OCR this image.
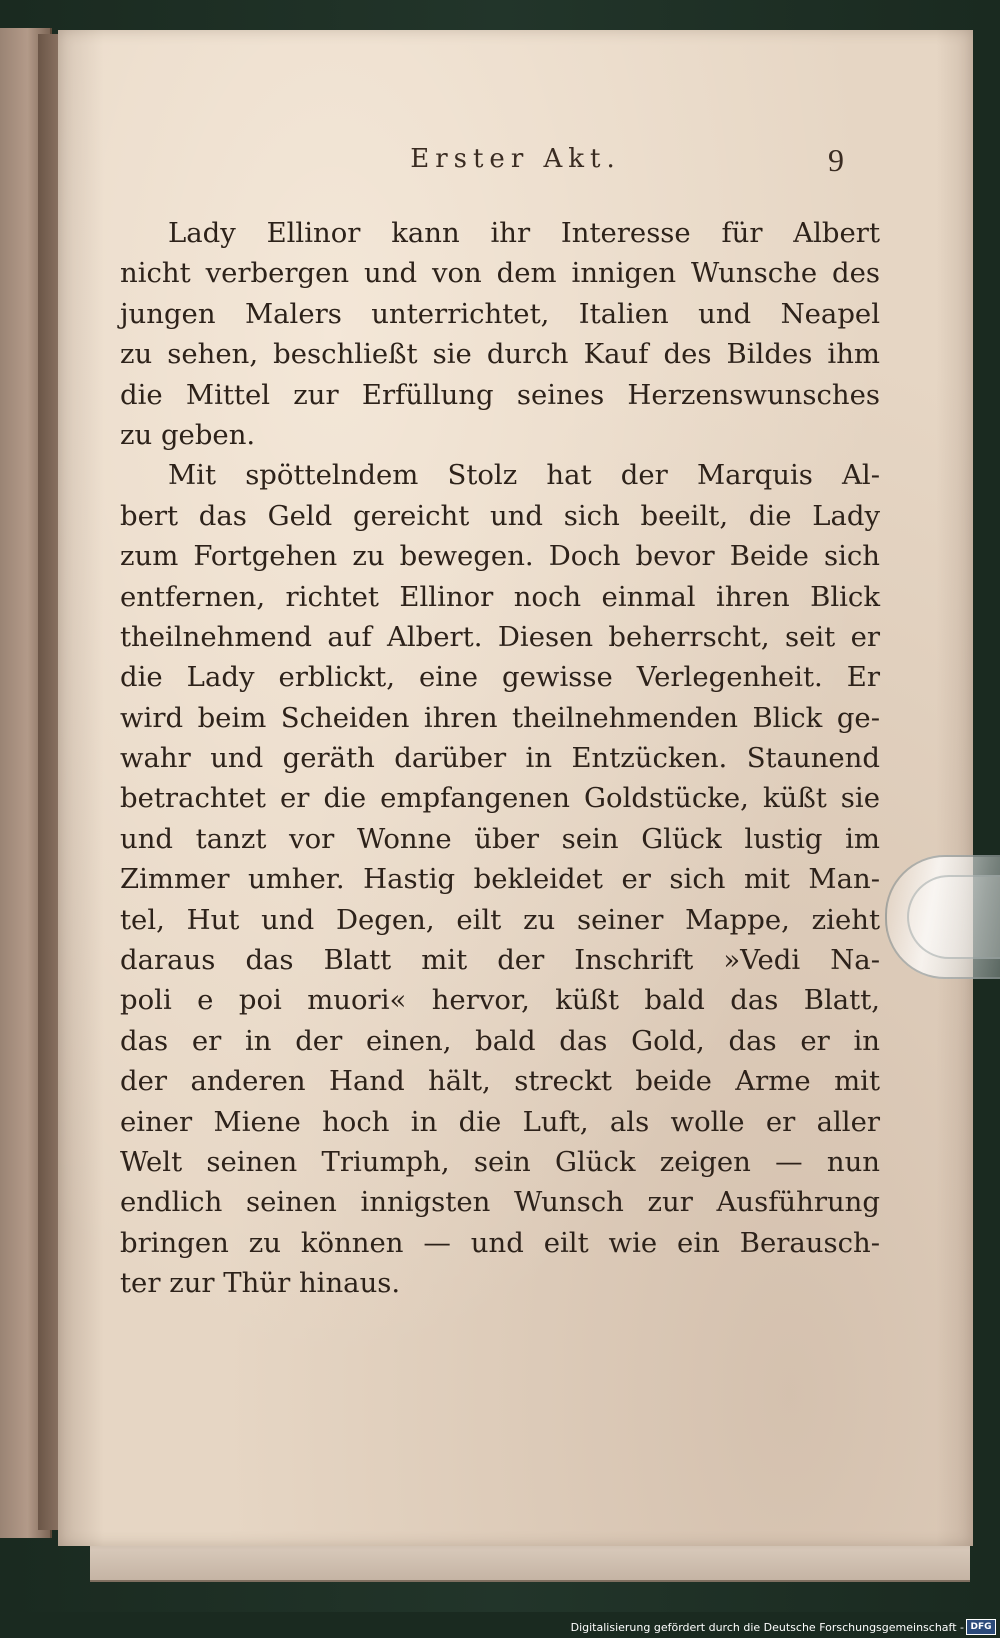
Erster Akt.	9
Lady Ellinor kann ihr Interesse für Albert
nicht verbergen und von dem innigen Wunsche des
jungen Malers unterrichtet, Italien und Neapel
zu sehen, beschließt sie durch Kauf des Bildes ihm
die Mittel zur Erfüllung seines Herzenswunsches
zu geben.
Mit spöttelndem Stolz hat der Marquis Al-
bert das Geld gereicht und sich beeilt, die Lady
zum Fortgehen zu bewegen. Doch bevor Beide sich
entfernen, richtet Ellinor noch einmal ihren Blick
theilnehmend auf Albert. Diesen beherrscht, seit er
die Lady erblickt, eine gewisse Verlegenheit. Er
wird beim Scheiden ihren theilnehmenden Blick ge-
wahr und geräth darüber in Entzücken. Staunend
betrachtet er die empfangenen Goldstücke, küßt sie
und tanzt vor Wonne über sein Glück lustig im
Zimmer umher. Hastig bekleidet er sich mit Man-
tel, Hut und Degen, eilt zu seiner Mappe, zieht
daraus das Blatt mit der Inschrift »Vedi Na-
poli e poi muori« hervor, küßt bald das Blatt,
das er in der einen, bald das Gold, das er in
der anderen Hand hält, streckt beide Arme mit
einer Miene hoch in die Luft, als wolle er aller
Welt seinen Triumph, sein Glück zeigen — nun
endlich seinen innigsten Wunsch zur Ausführung
bringen zu können — und eilt wie ein Berausch-
ter zur Thür hinaus.
Digitalisierung gefördert durch die Deutsche Forschungsgemeinschaft - DFG
